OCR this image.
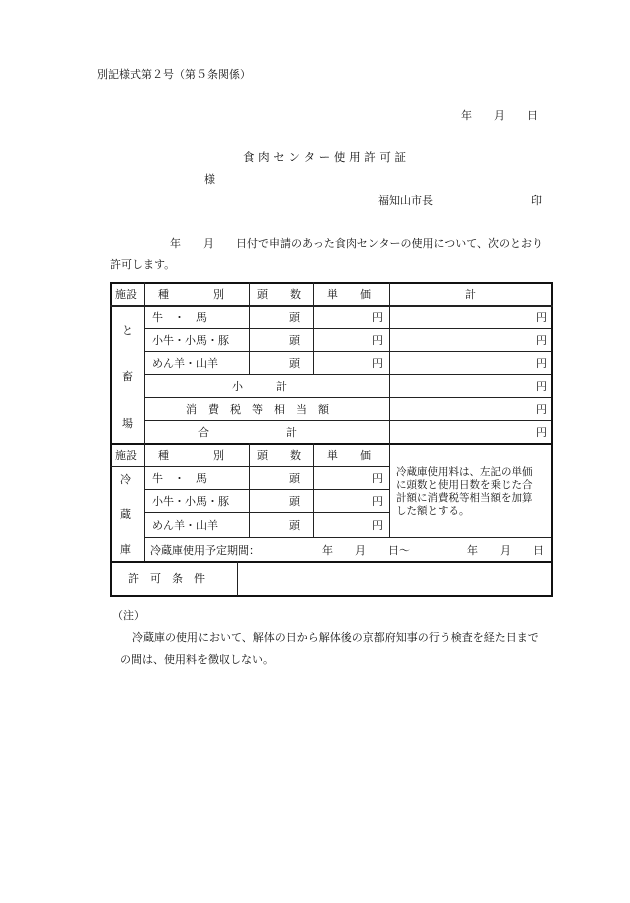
別記様式第２号（第５条関係）
年　　月　　日
食 肉 セ ン タ ー 使 用 許 可 証
様
福知山市長	印
年　　月　　日付で申請のあった食肉センターの使用について、次のとおり
許可します。
施設 種　　　　別	頭　　数 単　　価	計
と
畜
場
牛　・　馬	頭	円	円
小牛・小馬・豚	頭	円	円
めん羊・山羊	頭	円	円
小　　　計	円
消　費　税　等　相　当　額	円
合　　　　　　　計	円
施設 種　　　　別	頭　　数 単　　価
冷
蔵
庫
牛　・　馬	頭	円
小牛・小馬・豚	頭	円
めん羊・山羊	頭	円
冷蔵庫使用料は、左記の単価
に頭数と使用日数を乗じた合
計額に消費税等相当額を加算
した額とする。
冷蔵庫使用予定期間：	年　　月　　日～	年　　月　　日
許　可　条　件
（注）
冷蔵庫の使用において、解体の日から解体後の京都府知事の行う検査を経た日まで
の間は、使用料を徴収しない。
